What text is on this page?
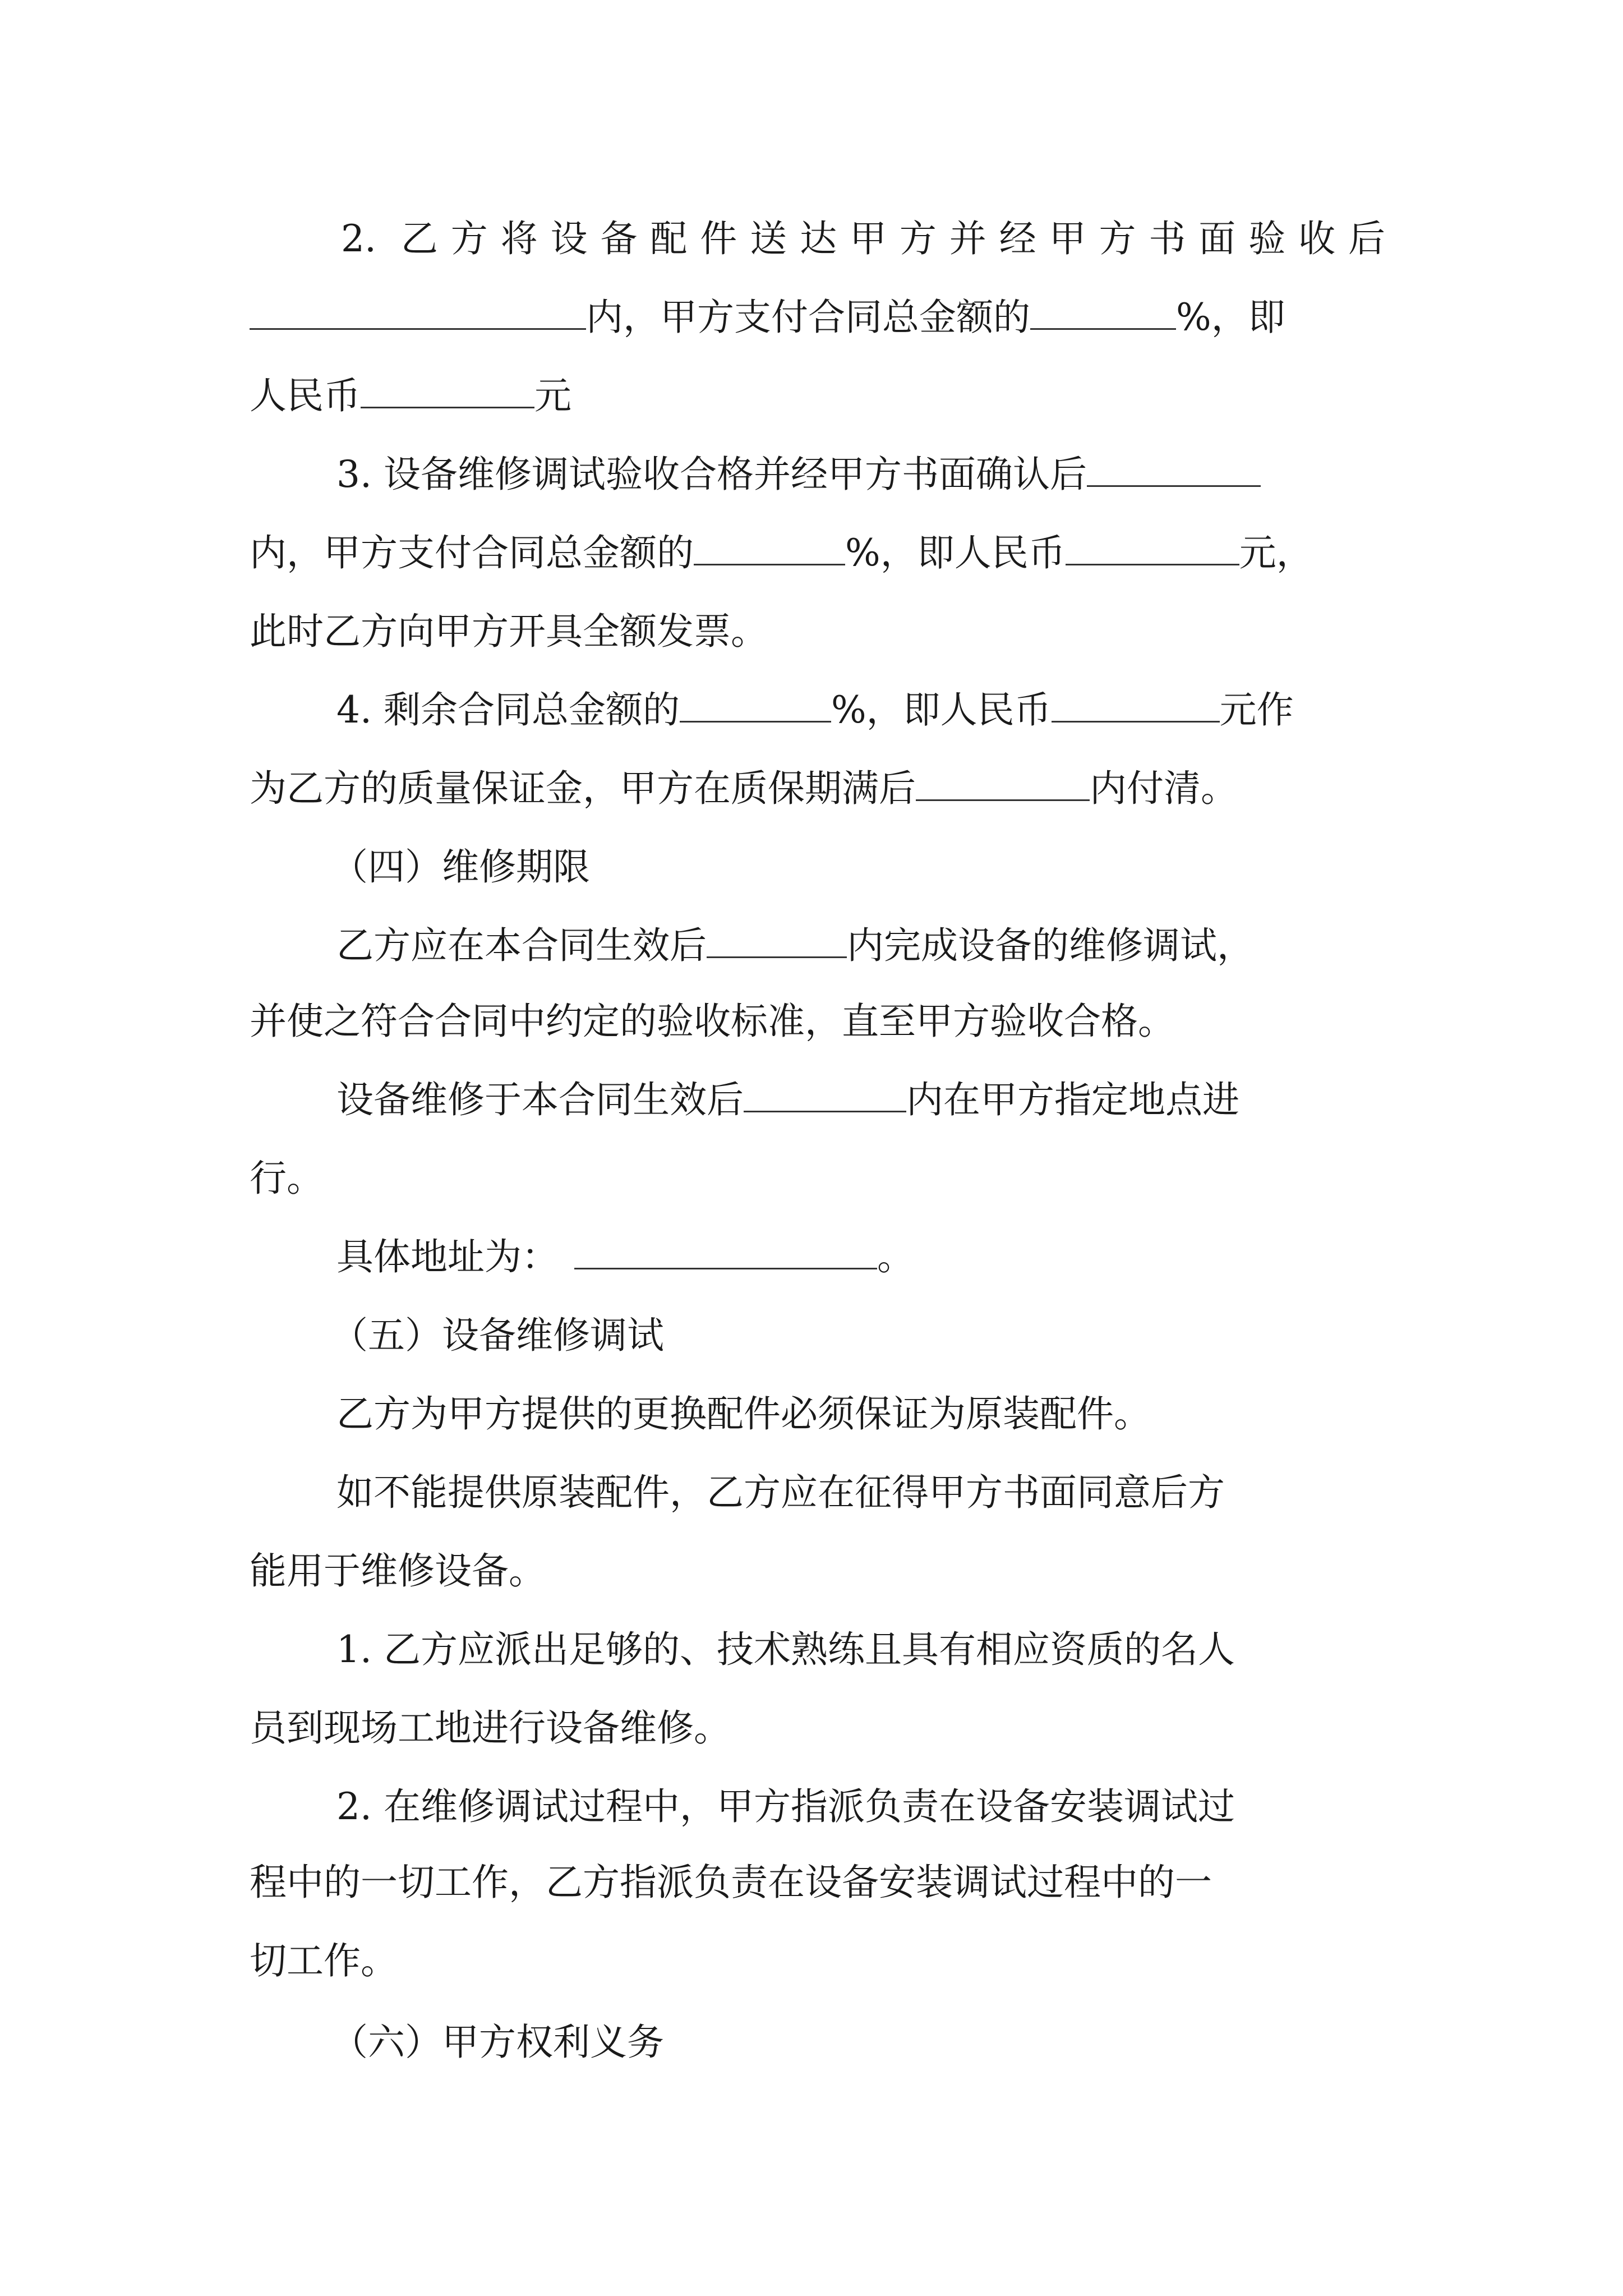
2. 乙方将设备配件送达甲方并经甲方书面验收后
内，甲方支付合同总金额的	%，即
人民币	元
3. 设备维修调试验收合格并经甲方书面确认后
内，甲方支付合同总金额的	%，即人民币	元，
此时乙方向甲方开具全额发票。
4. 剩余合同总金额的	%，即人民币	元作
为乙方的质量保证金，甲方在质保期满后	内付清。
（四）维修期限
乙方应在本合同生效后	内完成设备的维修调试，
并使之符合合同中约定的验收标准，直至甲方验收合格。
设备维修于本合同生效后	内在甲方指定地点进
行。
具体地址为：	。
（五）设备维修调试
乙方为甲方提供的更换配件必须保证为原装配件。
如不能提供原装配件，乙方应在征得甲方书面同意后方
能用于维修设备。
1. 乙方应派出足够的、技术熟练且具有相应资质的名人
员到现场工地进行设备维修。
2. 在维修调试过程中，甲方指派负责在设备安装调试过
程中的一切工作，乙方指派负责在设备安装调试过程中的一
切工作。
（六）甲方权利义务
